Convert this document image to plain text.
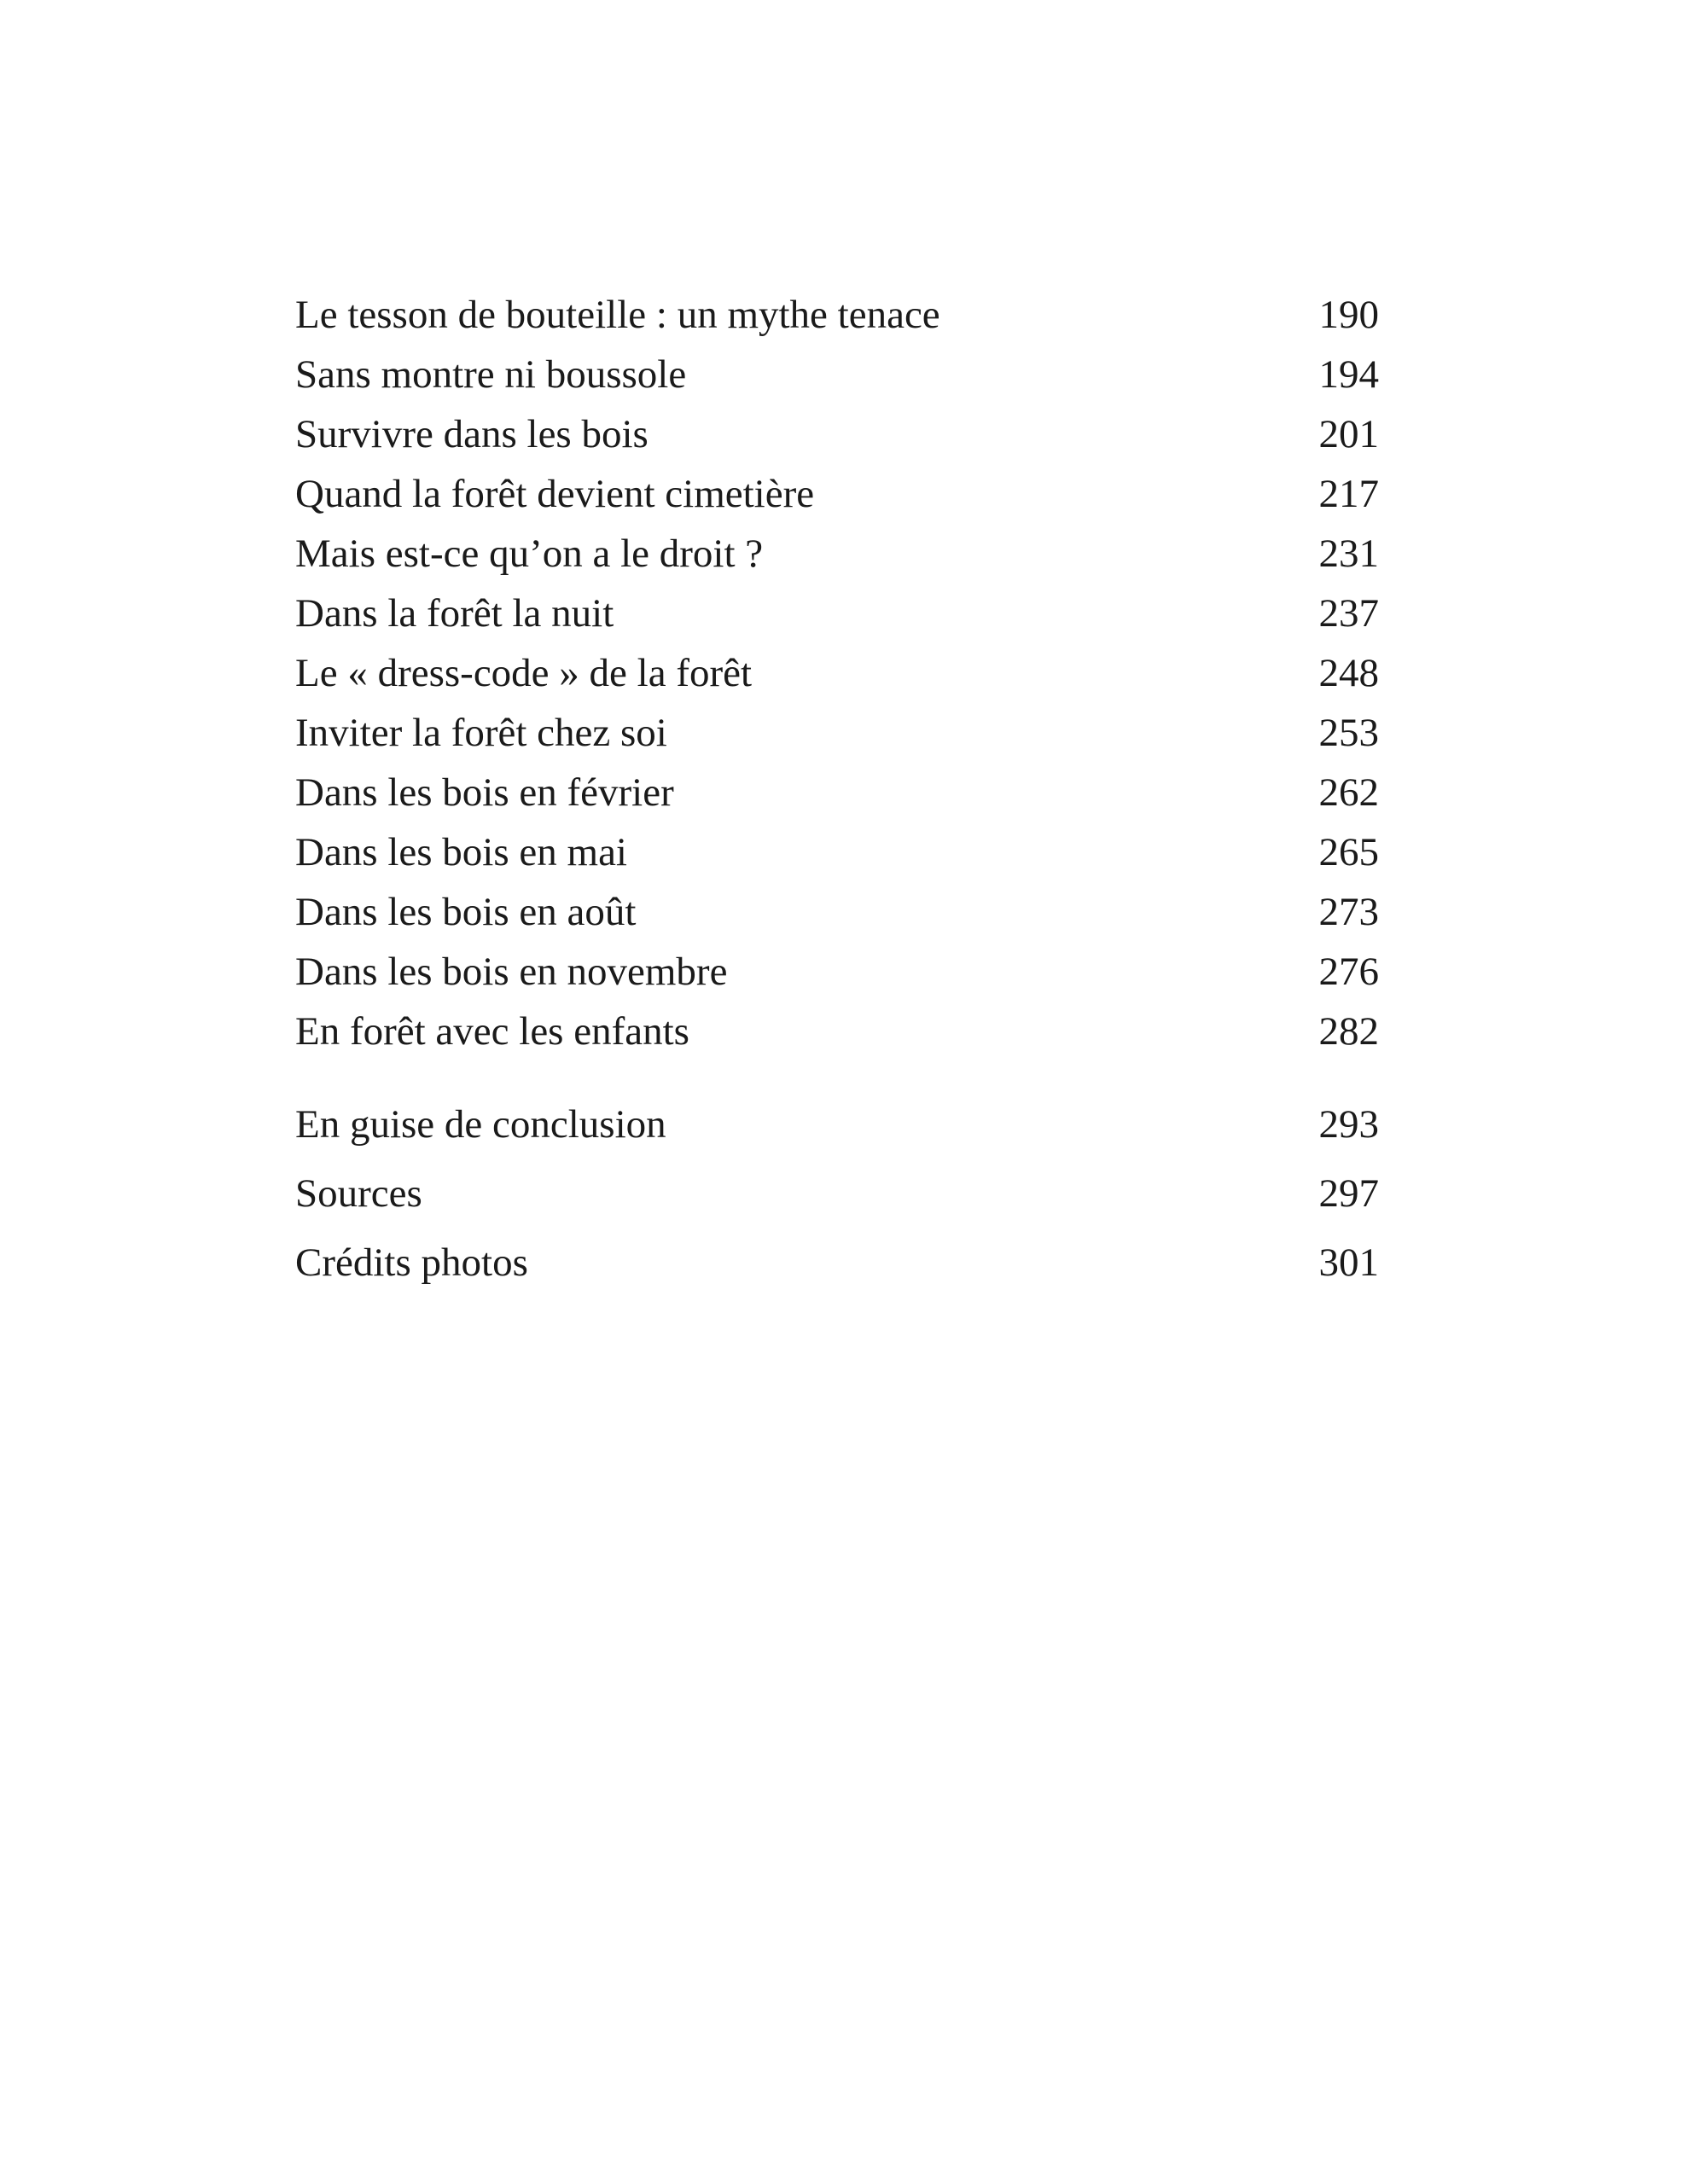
Le tesson de bouteille : un mythe tenace	190
Sans montre ni boussole	194
Survivre dans les bois	201
Quand la forêt devient cimetière	217
Mais est-ce qu’on a le droit ?	231
Dans la forêt la nuit	237
Le « dress-code » de la forêt	248
Inviter la forêt chez soi	253
Dans les bois en février	262
Dans les bois en mai	265
Dans les bois en août	273
Dans les bois en novembre	276
En forêt avec les enfants	282
En guise de conclusion	293
Sources	297
Crédits photos	301
